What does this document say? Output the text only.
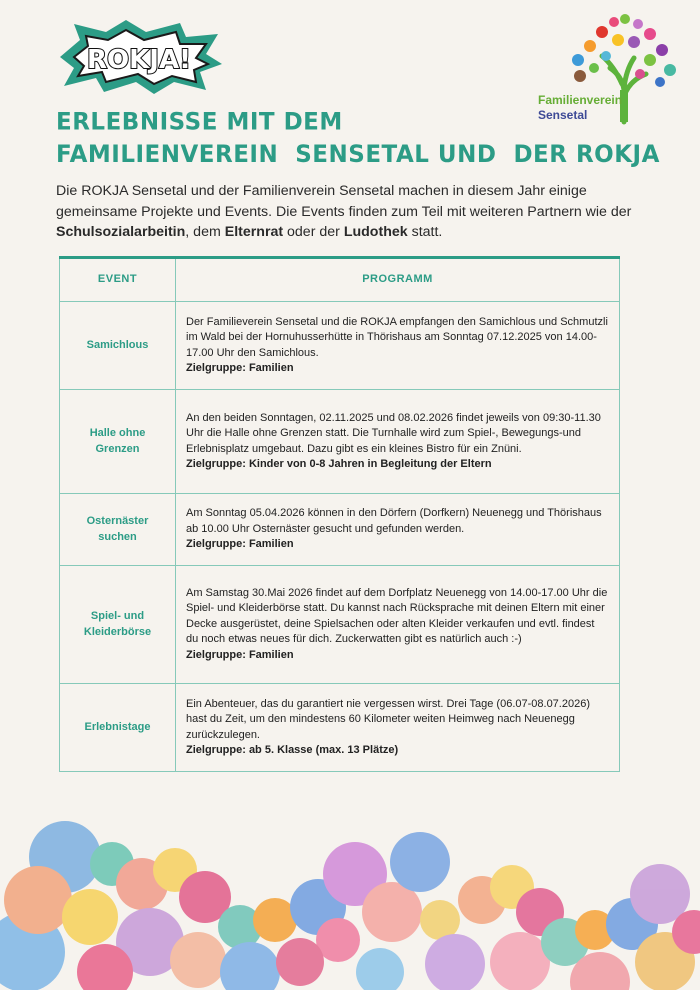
ROKJA!
Familienverein
Sensetal
ERLEBNISSE MIT DEM
FAMILIENVEREIN  SENSETAL UND  DER ROKJA

Die ROKJA Sensetal und der Familienverein Sensetal machen in diesem Jahr einige gemeinsame Projekte und Events. Die Events finden zum Teil mit weiteren Partnern wie der Schulsozialarbeitin, dem Elternrat oder der Ludothek statt.

EVENT	PROGRAMM
Samichlous	Der Familieverein Sensetal und die ROKJA empfangen den Samichlous und Schmutzli im Wald bei der Hornuhusserhütte in Thörishaus am Sonntag 07.12.2025 von 14.00-17.00 Uhr den Samichlous.
Zielgruppe: Familien

Halle ohne Grenzen	An den beiden Sonntagen, 02.11.2025 und 08.02.2026 findet jeweils von 09:30-11.30 Uhr die Halle ohne Grenzen statt. Die Turnhalle wird zum Spiel-, Bewegungs-und Erlebnisplatz umgebaut. Dazu gibt es ein kleines Bistro für ein Znüni.
Zielgruppe: Kinder von 0-8 Jahren in Begleitung der Eltern

Osternäster suchen	Am Sonntag 05.04.2026 können in den Dörfern (Dorfkern) Neuenegg und Thörishaus ab 10.00 Uhr Osternäster gesucht und gefunden werden.
Zielgruppe: Familien

Spiel- und Kleiderbörse	Am Samstag 30.Mai 2026 findet auf dem Dorfplatz Neuenegg von 14.00-17.00 Uhr die Spiel- und Kleiderbörse statt. Du kannst nach Rücksprache mit deinen Eltern mit einer Decke ausgerüstet, deine Spielsachen oder alten Kleider verkaufen und evtl. findest du noch etwas neues für dich. Zuckerwatten gibt es natürlich auch :-)
Zielgruppe: Familien

Erlebnistage	Ein Abenteuer, das du garantiert nie vergessen wirst. Drei Tage (06.07-08.07.2026) hast du Zeit, um den mindestens 60 Kilometer weiten Heimweg nach Neuenegg zurückzulegen.
Zielgruppe: ab 5. Klasse (max. 13 Plätze)
